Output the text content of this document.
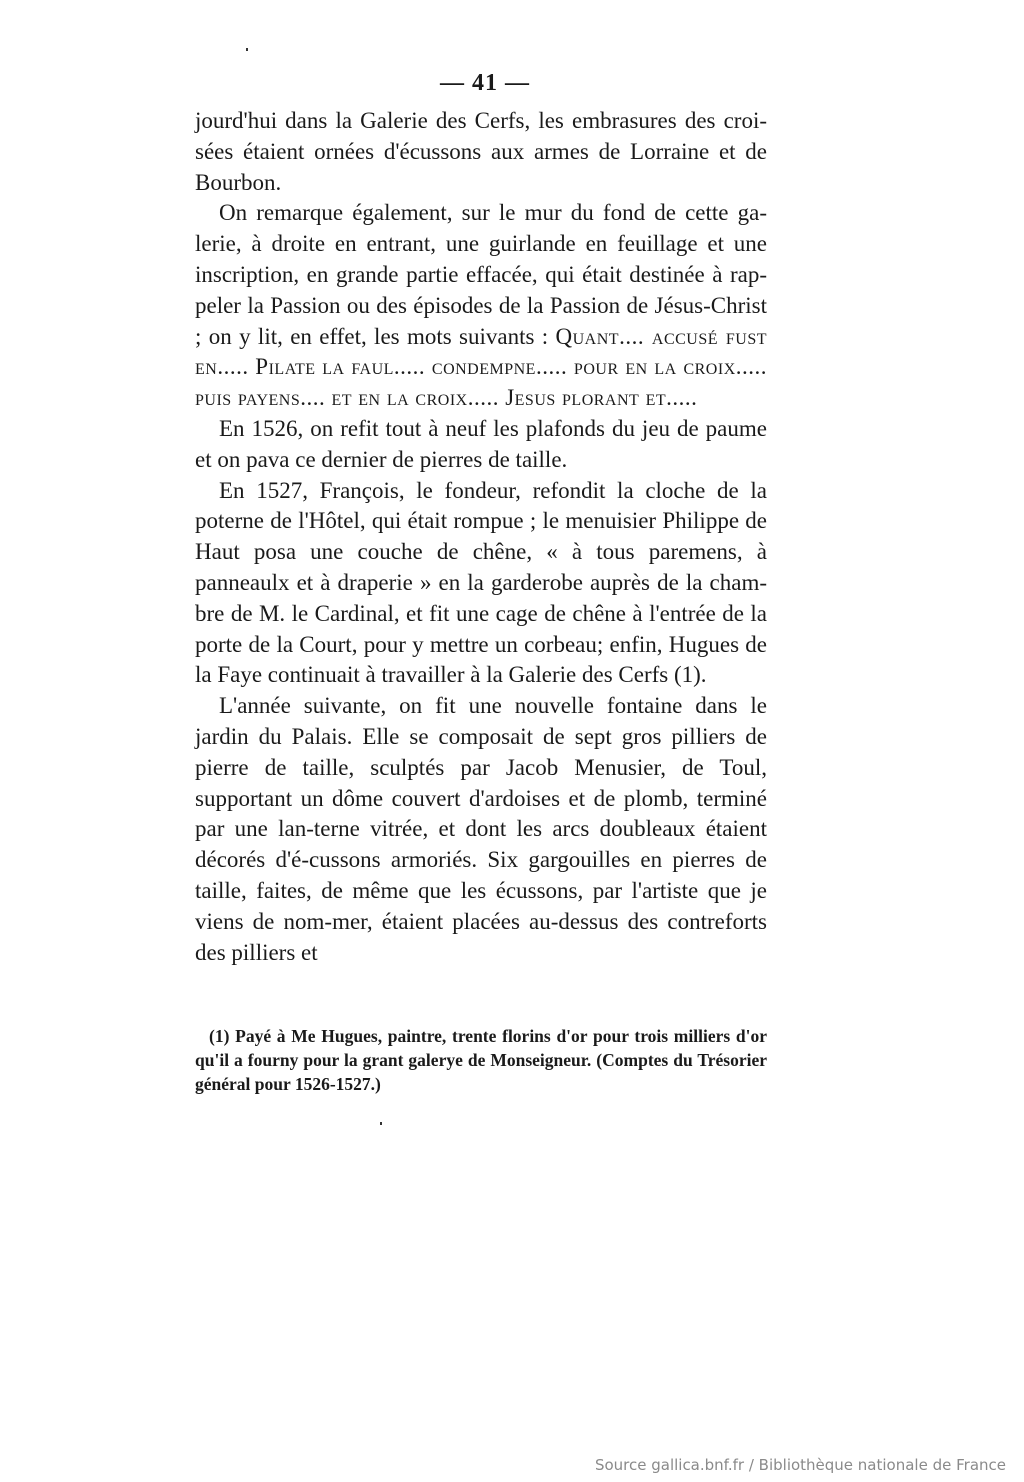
— 41 —

jourd'hui dans la Galerie des Cerfs, les embrasures des croi-sées étaient ornées d'écussons aux armes de Lorraine et de Bourbon.

On remarque également, sur le mur du fond de cette ga-lerie, à droite en entrant, une guirlande en feuillage et une inscription, en grande partie effacée, qui était destinée à rap-peler la Passion ou des épisodes de la Passion de Jésus-Christ ; on y lit, en effet, les mots suivants : Quant.... accusé fust en..... Pilate la faul..... condempne..... pour en la croix..... puis payens.... et en la croix..... Jesus plorant et.....

En 1526, on refit tout à neuf les plafonds du jeu de paume et on pava ce dernier de pierres de taille.

En 1527, François, le fondeur, refondit la cloche de la poterne de l'Hôtel, qui était rompue ; le menuisier Philippe de Haut posa une couche de chêne, « à tous paremens, à panneaulx et à draperie » en la garderobe auprès de la cham-bre de M. le Cardinal, et fit une cage de chêne à l'entrée de la porte de la Court, pour y mettre un corbeau; enfin, Hugues de la Faye continuait à travailler à la Galerie des Cerfs (1).

L'année suivante, on fit une nouvelle fontaine dans le jardin du Palais. Elle se composait de sept gros pilliers de pierre de taille, sculptés par Jacob Menusier, de Toul, supportant un dôme couvert d'ardoises et de plomb, terminé par une lan-terne vitrée, et dont les arcs doubleaux étaient décorés d'é-cussons armoriés. Six gargouilles en pierres de taille, faites, de même que les écussons, par l'artiste que je viens de nom-mer, étaient placées au-dessus des contreforts des pilliers et

(1) Payé à Me Hugues, paintre, trente florins d'or pour trois milliers d'or qu'il a fourny pour la grant galerye de Monseigneur. (Comptes du Trésorier général pour 1526-1527.)

Source gallica.bnf.fr / Bibliothèque nationale de France
